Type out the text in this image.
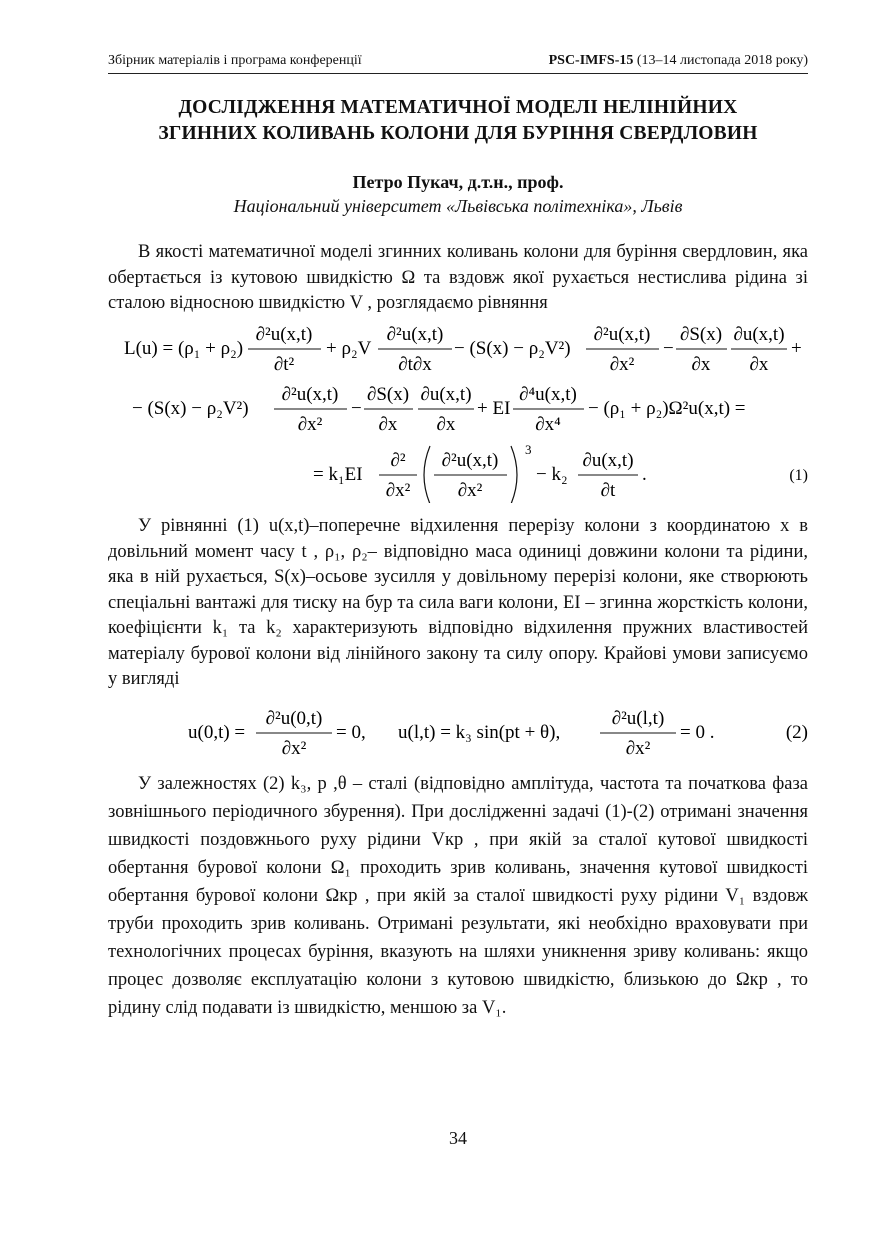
Збірник матеріалів і програма конференції	PSC-IMFS-15 (13–14 листопада 2018 року)
ДОСЛІДЖЕННЯ МАТЕМАТИЧНОЇ МОДЕЛІ НЕЛІНІЙНИХ
ЗГИННИХ КОЛИВАНЬ КОЛОНИ ДЛЯ БУРІННЯ СВЕРДЛОВИН
Петро Пукач, д.т.н., проф.
Національний університет «Львівська політехніка», Львів
В якості математичної моделі згинних коливань колони для буріння свердловин, яка обертається із кутовою швидкістю Ω та вздовж якої рухається нестислива рідина зі сталою відносною швидкістю V , розглядаємо рівняння
L(u) = (ρ₁ + ρ₂)
∂²u(x,t)
∂t²
+ ρ₂V
∂²u(x,t)
∂t∂x
− (S(x) − ρ₂V²)
∂²u(x,t)
∂x²
−
∂S(x)
∂x
∂u(x,t)
∂x
+
− (S(x) − ρ₂V²)
∂²u(x,t)
∂x²
−
∂S(x)
∂x
∂u(x,t)
∂x
+ EI
∂⁴u(x,t)
∂x⁴
− (ρ₁ + ρ₂)Ω²u(x,t) =
= k₁EI
∂²
∂x²
∂²u(x,t)
∂x²
3
− k₂
∂u(x,t)
∂t
.	(1)
У рівнянні (1) u(x,t)–поперечне відхилення перерізу колони з координатою x в довільний момент часу t , ρ₁, ρ₂– відповідно маса одиниці довжини колони та рідини, яка в ній рухається, S(x)–осьове зусилля у довільному перерізі колони, яке створюють спеціальні вантажі для тиску на бур та сила ваги колони, EI – згинна жорсткість колони, коефіцієнти k₁ та k₂ характеризують відповідно відхилення пружних властивостей матеріалу бурової колони від лінійного закону та силу опору. Крайові умови записуємо у вигляді
u(0,t) =
∂²u(0,t)
∂x²
= 0, u(l,t) = k₃ sin(pt + θ),
∂²u(l,t)
∂x²
= 0 .	(2)
У залежностях (2) k₃, p ,θ – сталі (відповідно амплітуда, частота та початкова фаза зовнішнього періодичного збурення). При дослідженні задачі (1)-(2) отримані значення швидкості поздовжнього руху рідини Vкр , при якій за сталої кутової швидкості обертання бурової колони Ω₁ проходить зрив коливань, значення кутової швидкості обертання бурової колони Ωкр , при якій за сталої швидкості руху рідини V₁ вздовж труби проходить зрив коливань. Отримані результати, які необхідно враховувати при технологічних процесах буріння, вказують на шляхи уникнення зриву коливань: якщо процес дозволяє експлуатацію колони з кутовою швидкістю, близькою до Ωкр , то рідину слід подавати із швидкістю, меншою за V₁.
34
